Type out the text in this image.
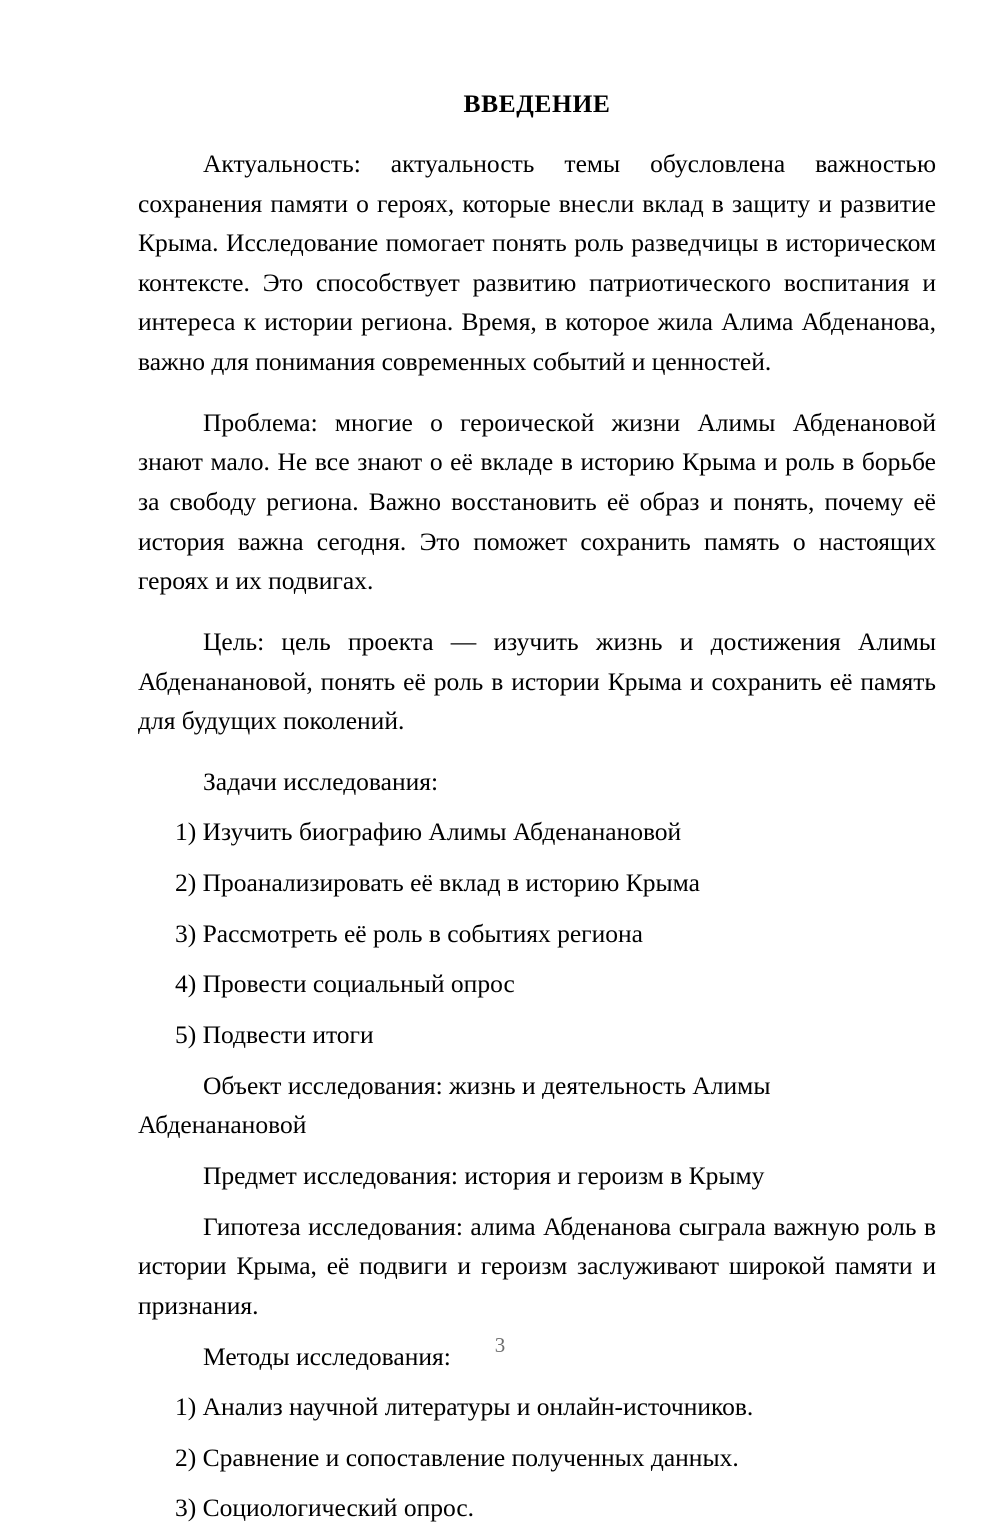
ВВЕДЕНИЕ

Актуальность: актуальность темы обусловлена важностью сохранения памяти о героях, которые внесли вклад в защиту и развитие Крыма. Исследование помогает понять роль разведчицы в историческом контексте. Это способствует развитию патриотического воспитания и интереса к истории региона. Время, в которое жила Алима Абденанова, важно для понимания современных событий и ценностей.

Проблема: многие о героической жизни Алимы Абденановой знают мало. Не все знают о её вкладе в историю Крыма и роль в борьбе за свободу региона. Важно восстановить её образ и понять, почему её история важна сегодня. Это поможет сохранить память о настоящих героях и их подвигах.

Цель: цель проекта — изучить жизнь и достижения Алимы Абденанановой, понять её роль в истории Крыма и сохранить её память для будущих поколений.

Задачи исследования:

1) Изучить биографию Алимы Абденанановой

2) Проанализировать её вклад в историю Крыма

3) Рассмотреть её роль в событиях региона

4) Провести социальный опрос

5) Подвести итоги

Объект исследования: жизнь и деятельность Алимы Абденанановой

Предмет исследования: история и героизм в Крыму

Гипотеза исследования: алима Абденанова сыграла важную роль в истории Крыма, её подвиги и героизм заслуживают широкой памяти и признания.

Методы исследования:

1) Анализ научной литературы и онлайн-источников.

2) Сравнение и сопоставление полученных данных.

3) Социологический опрос.

3
